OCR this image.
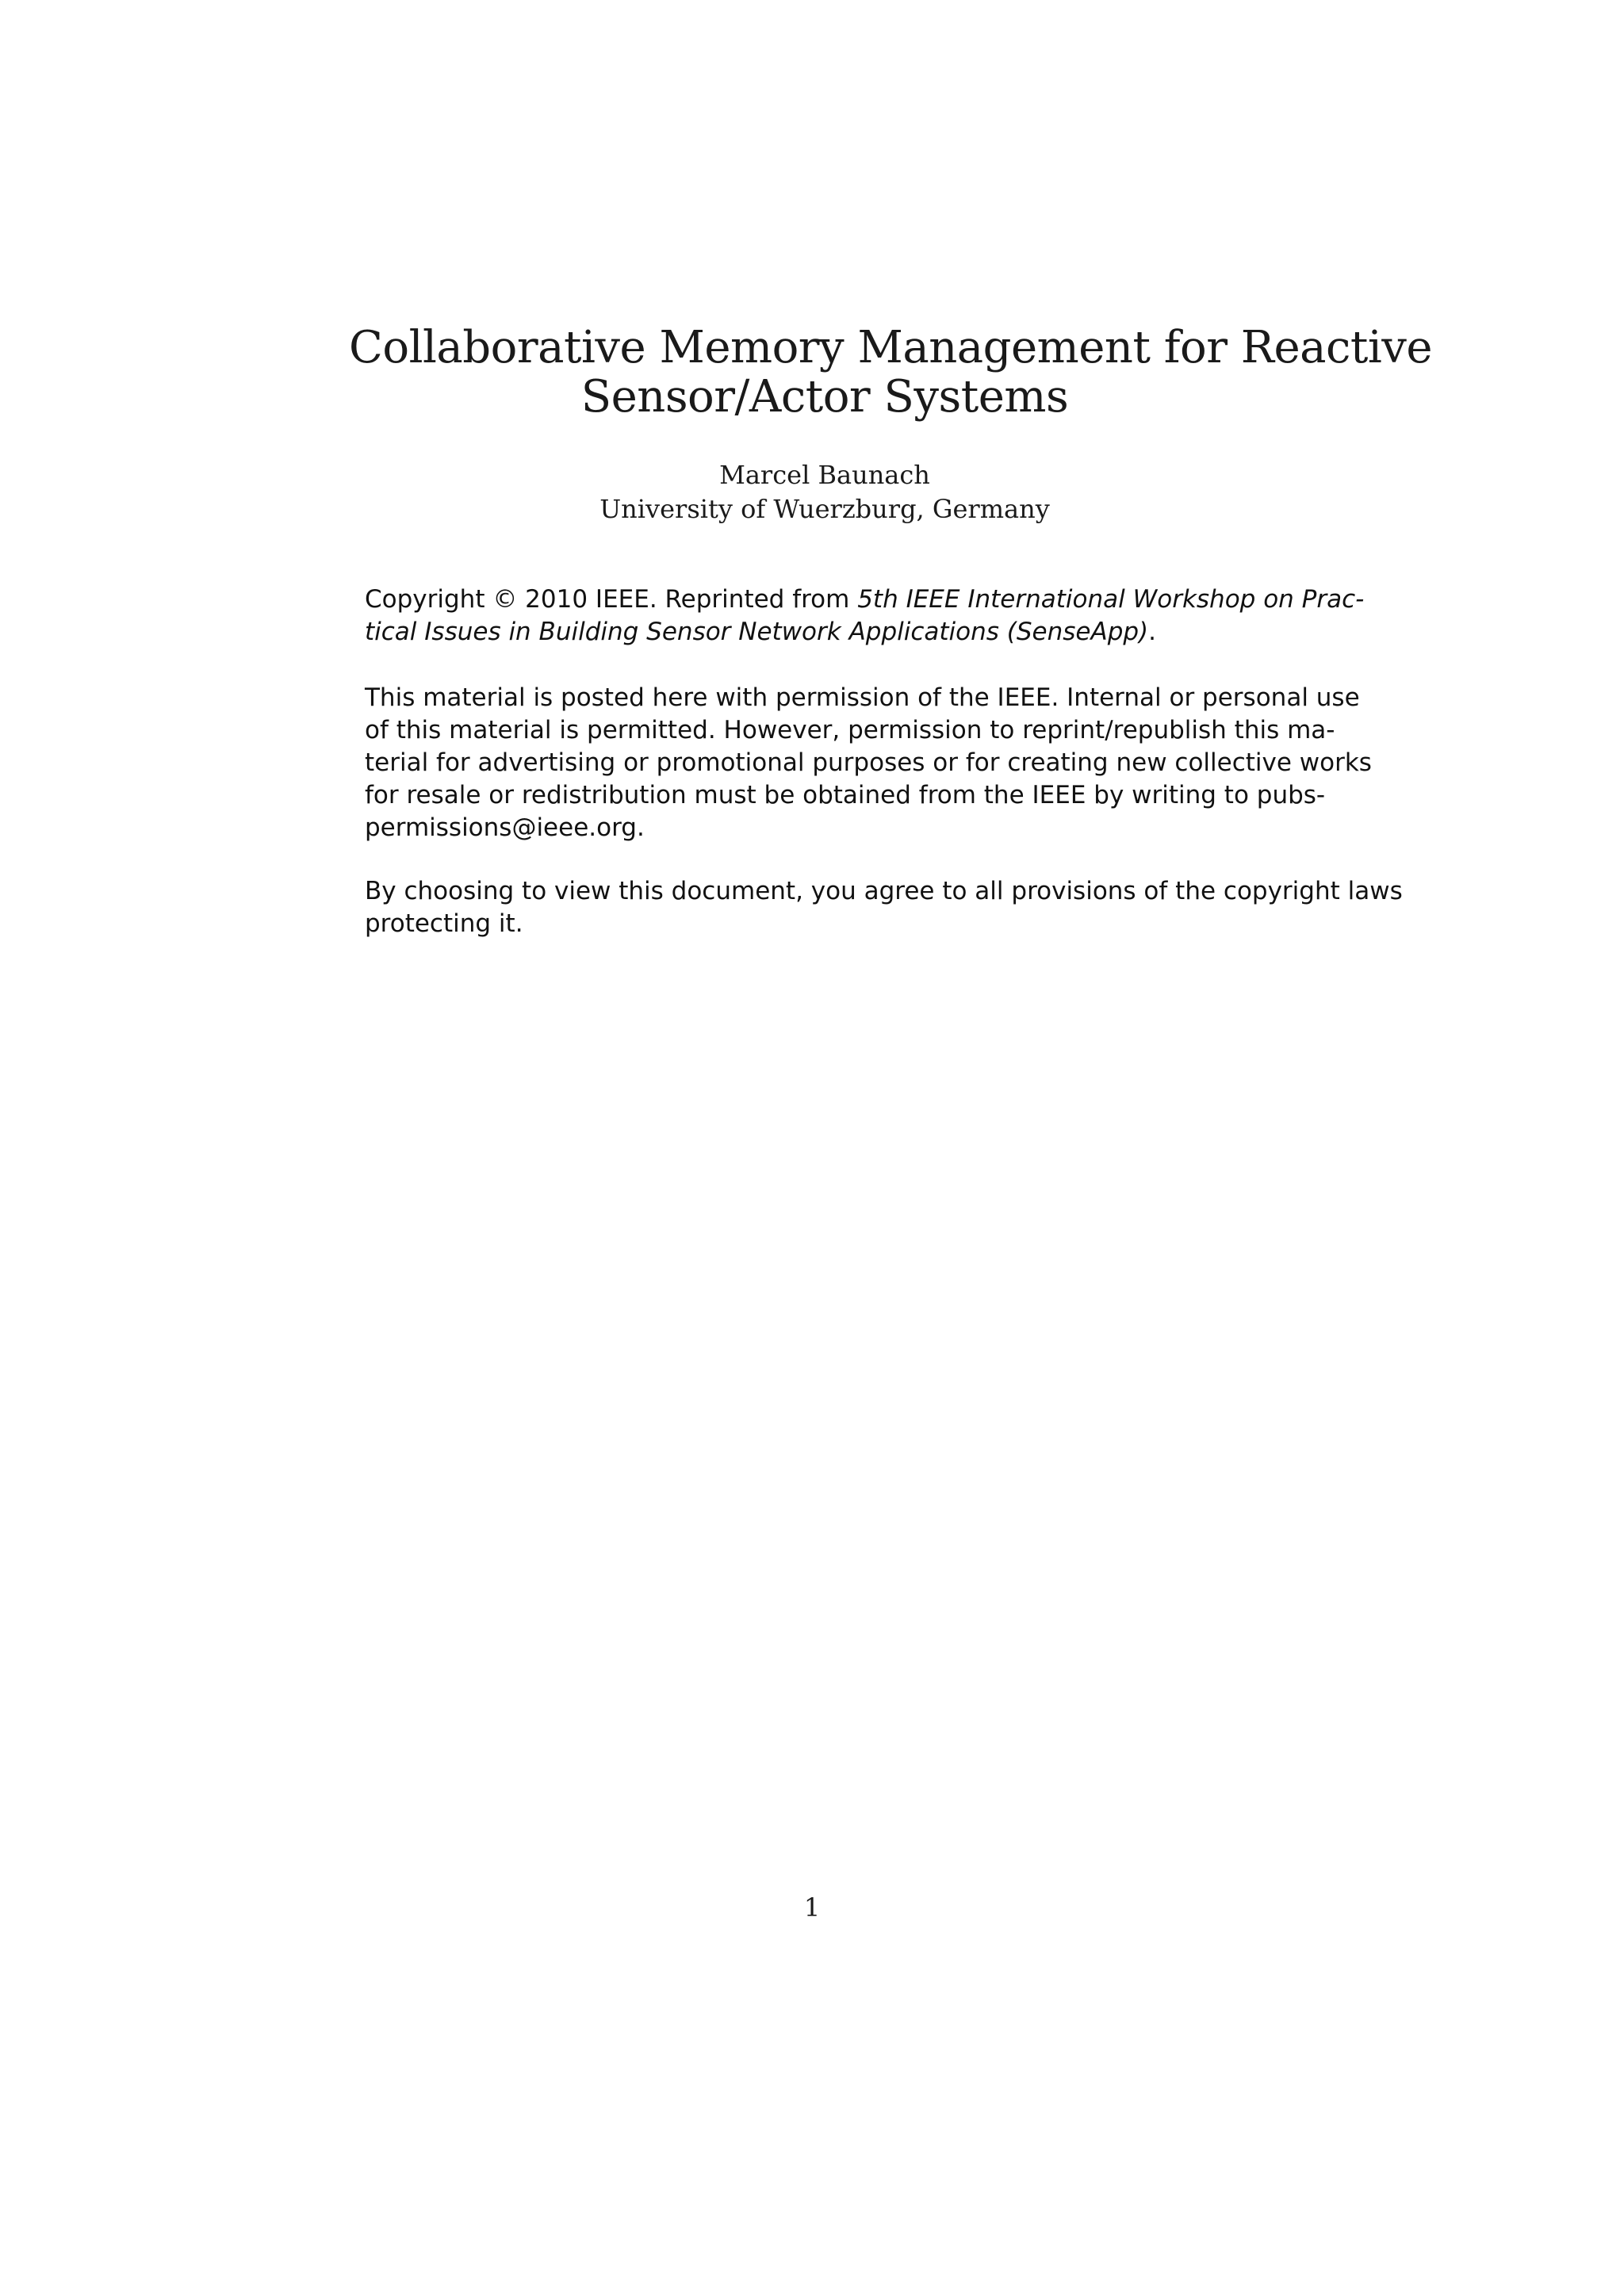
Collaborative Memory Management for Reactive
Sensor/Actor Systems
Marcel Baunach
University of Wuerzburg, Germany
Copyright © 2010 IEEE. Reprinted from 5th IEEE International Workshop on Prac-
tical Issues in Building Sensor Network Applications (SenseApp).
This material is posted here with permission of the IEEE. Internal or personal use
of this material is permitted. However, permission to reprint/republish this ma-
terial for advertising or promotional purposes or for creating new collective works
for resale or redistribution must be obtained from the IEEE by writing to pubs-
permissions@ieee.org.
By choosing to view this document, you agree to all provisions of the copyright laws
protecting it.
1
